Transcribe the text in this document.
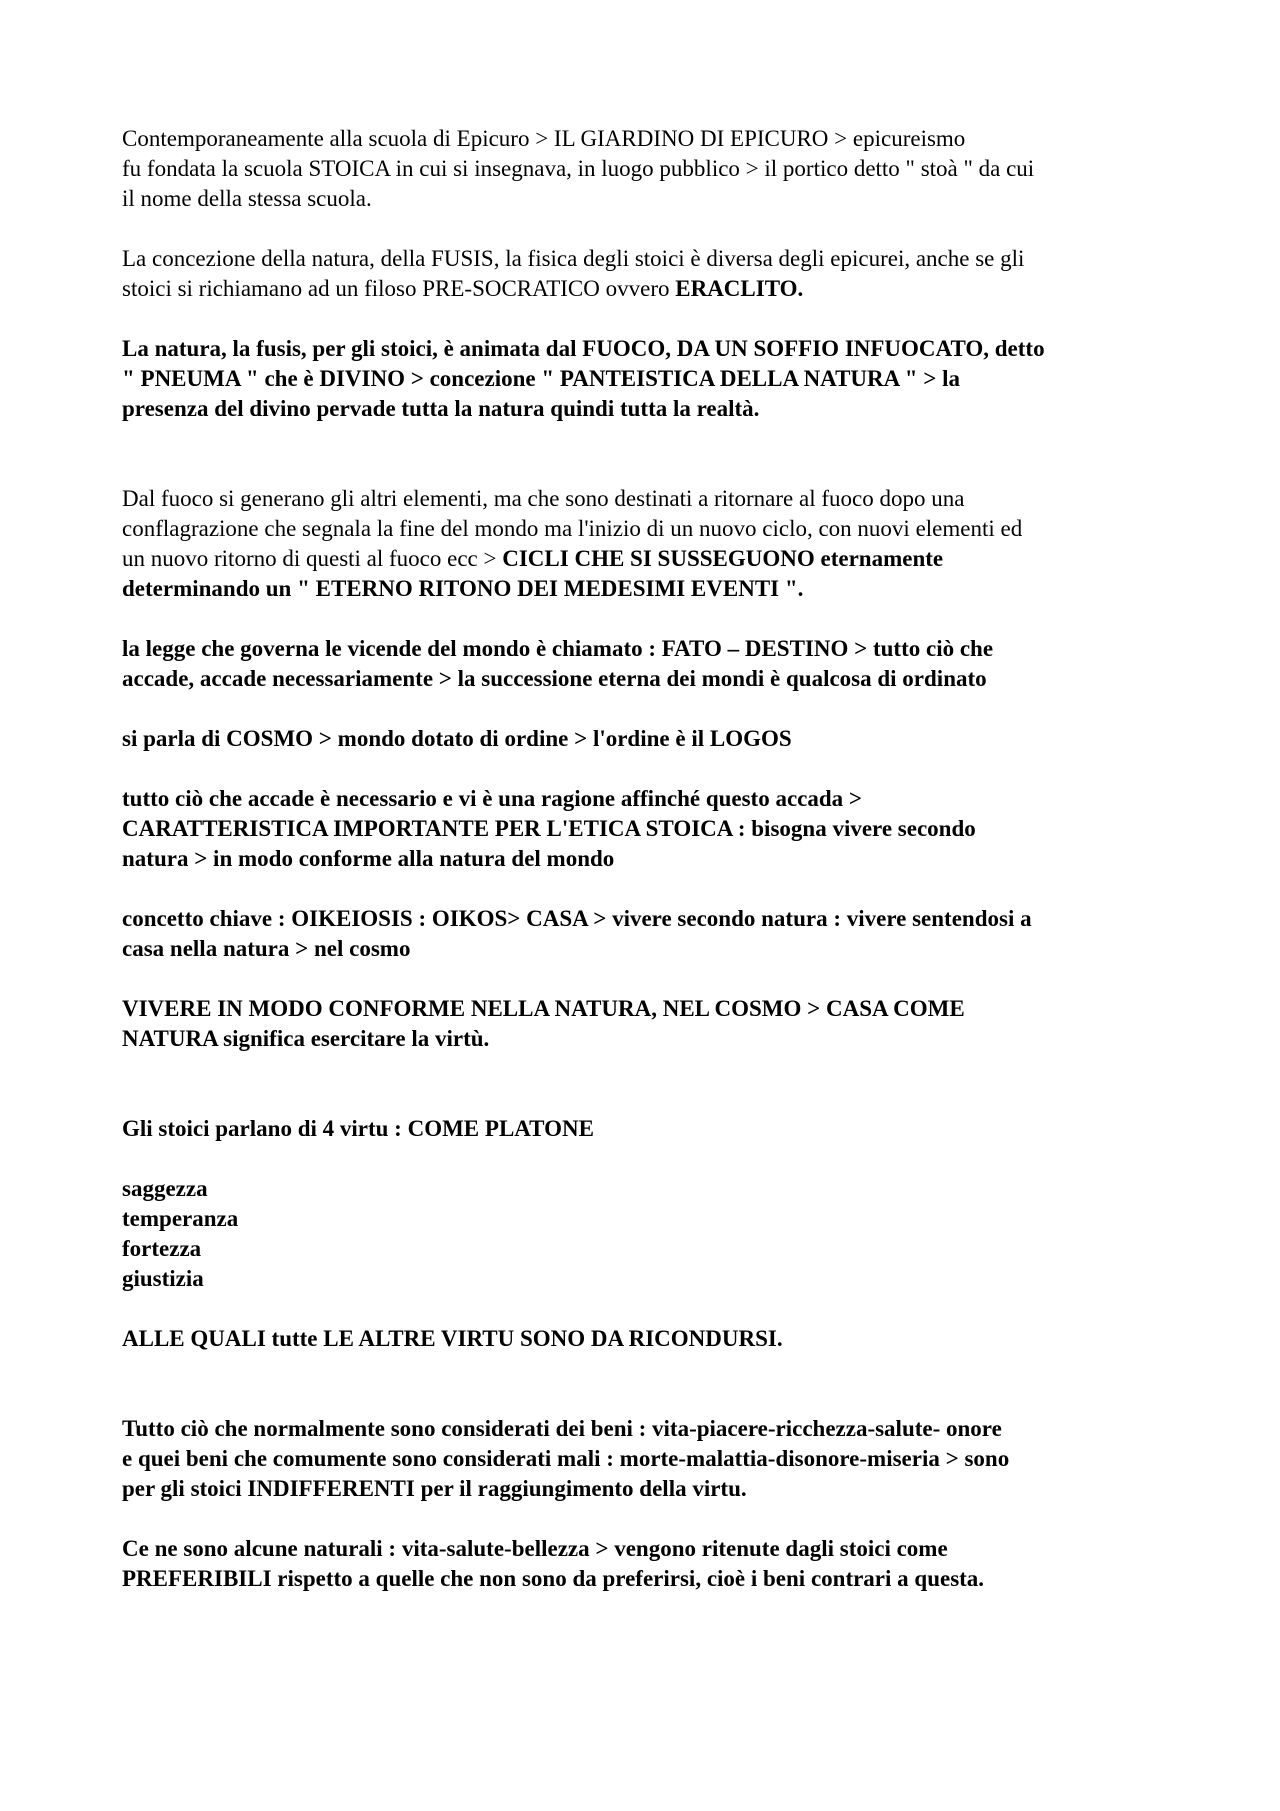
Contemporaneamente alla scuola di Epicuro > IL GIARDINO DI EPICURO > epicureismo
fu fondata la scuola STOICA in cui si insegnava, in luogo pubblico > il portico detto " stoà " da cui
il nome della stessa scuola.
La concezione della natura, della FUSIS, la fisica degli stoici è diversa degli epicurei, anche se gli
stoici si richiamano ad un filoso PRE-SOCRATICO ovvero ERACLITO.
La natura, la fusis, per gli stoici, è animata dal FUOCO, DA UN SOFFIO INFUOCATO, detto
" PNEUMA " che è DIVINO > concezione " PANTEISTICA DELLA NATURA " > la
presenza del divino pervade tutta la natura quindi tutta la realtà.
Dal fuoco si generano gli altri elementi, ma che sono destinati a ritornare al fuoco dopo una
conflagrazione che segnala la fine del mondo ma l'inizio di un nuovo ciclo, con nuovi elementi ed
un nuovo ritorno di questi al fuoco ecc > CICLI CHE SI SUSSEGUONO eternamente
determinando un " ETERNO RITONO DEI MEDESIMI EVENTI ".
la legge che governa le vicende del mondo è chiamato : FATO – DESTINO > tutto ciò che
accade, accade necessariamente > la successione eterna dei mondi è qualcosa di ordinato
si parla di COSMO > mondo dotato di ordine > l'ordine è il LOGOS
tutto ciò che accade è necessario e vi è una ragione affinché questo accada >
CARATTERISTICA IMPORTANTE PER L'ETICA STOICA : bisogna vivere secondo
natura > in modo conforme alla natura del mondo
concetto chiave : OIKEIOSIS : OIKOS> CASA > vivere secondo natura : vivere sentendosi a
casa nella natura > nel cosmo
VIVERE IN MODO CONFORME NELLA NATURA, NEL COSMO > CASA COME
NATURA significa esercitare la virtù.
Gli stoici parlano di 4 virtu : COME PLATONE
saggezza
temperanza
fortezza
giustizia
ALLE QUALI tutte LE ALTRE VIRTU SONO DA RICONDURSI.
Tutto ciò che normalmente sono considerati dei beni : vita-piacere-ricchezza-salute- onore
e quei beni che comumente sono considerati mali : morte-malattia-disonore-miseria > sono
per gli stoici INDIFFERENTI per il raggiungimento della virtu.
Ce ne sono alcune naturali : vita-salute-bellezza > vengono ritenute dagli stoici come
PREFERIBILI rispetto a quelle che non sono da preferirsi, cioè i beni contrari a questa.
